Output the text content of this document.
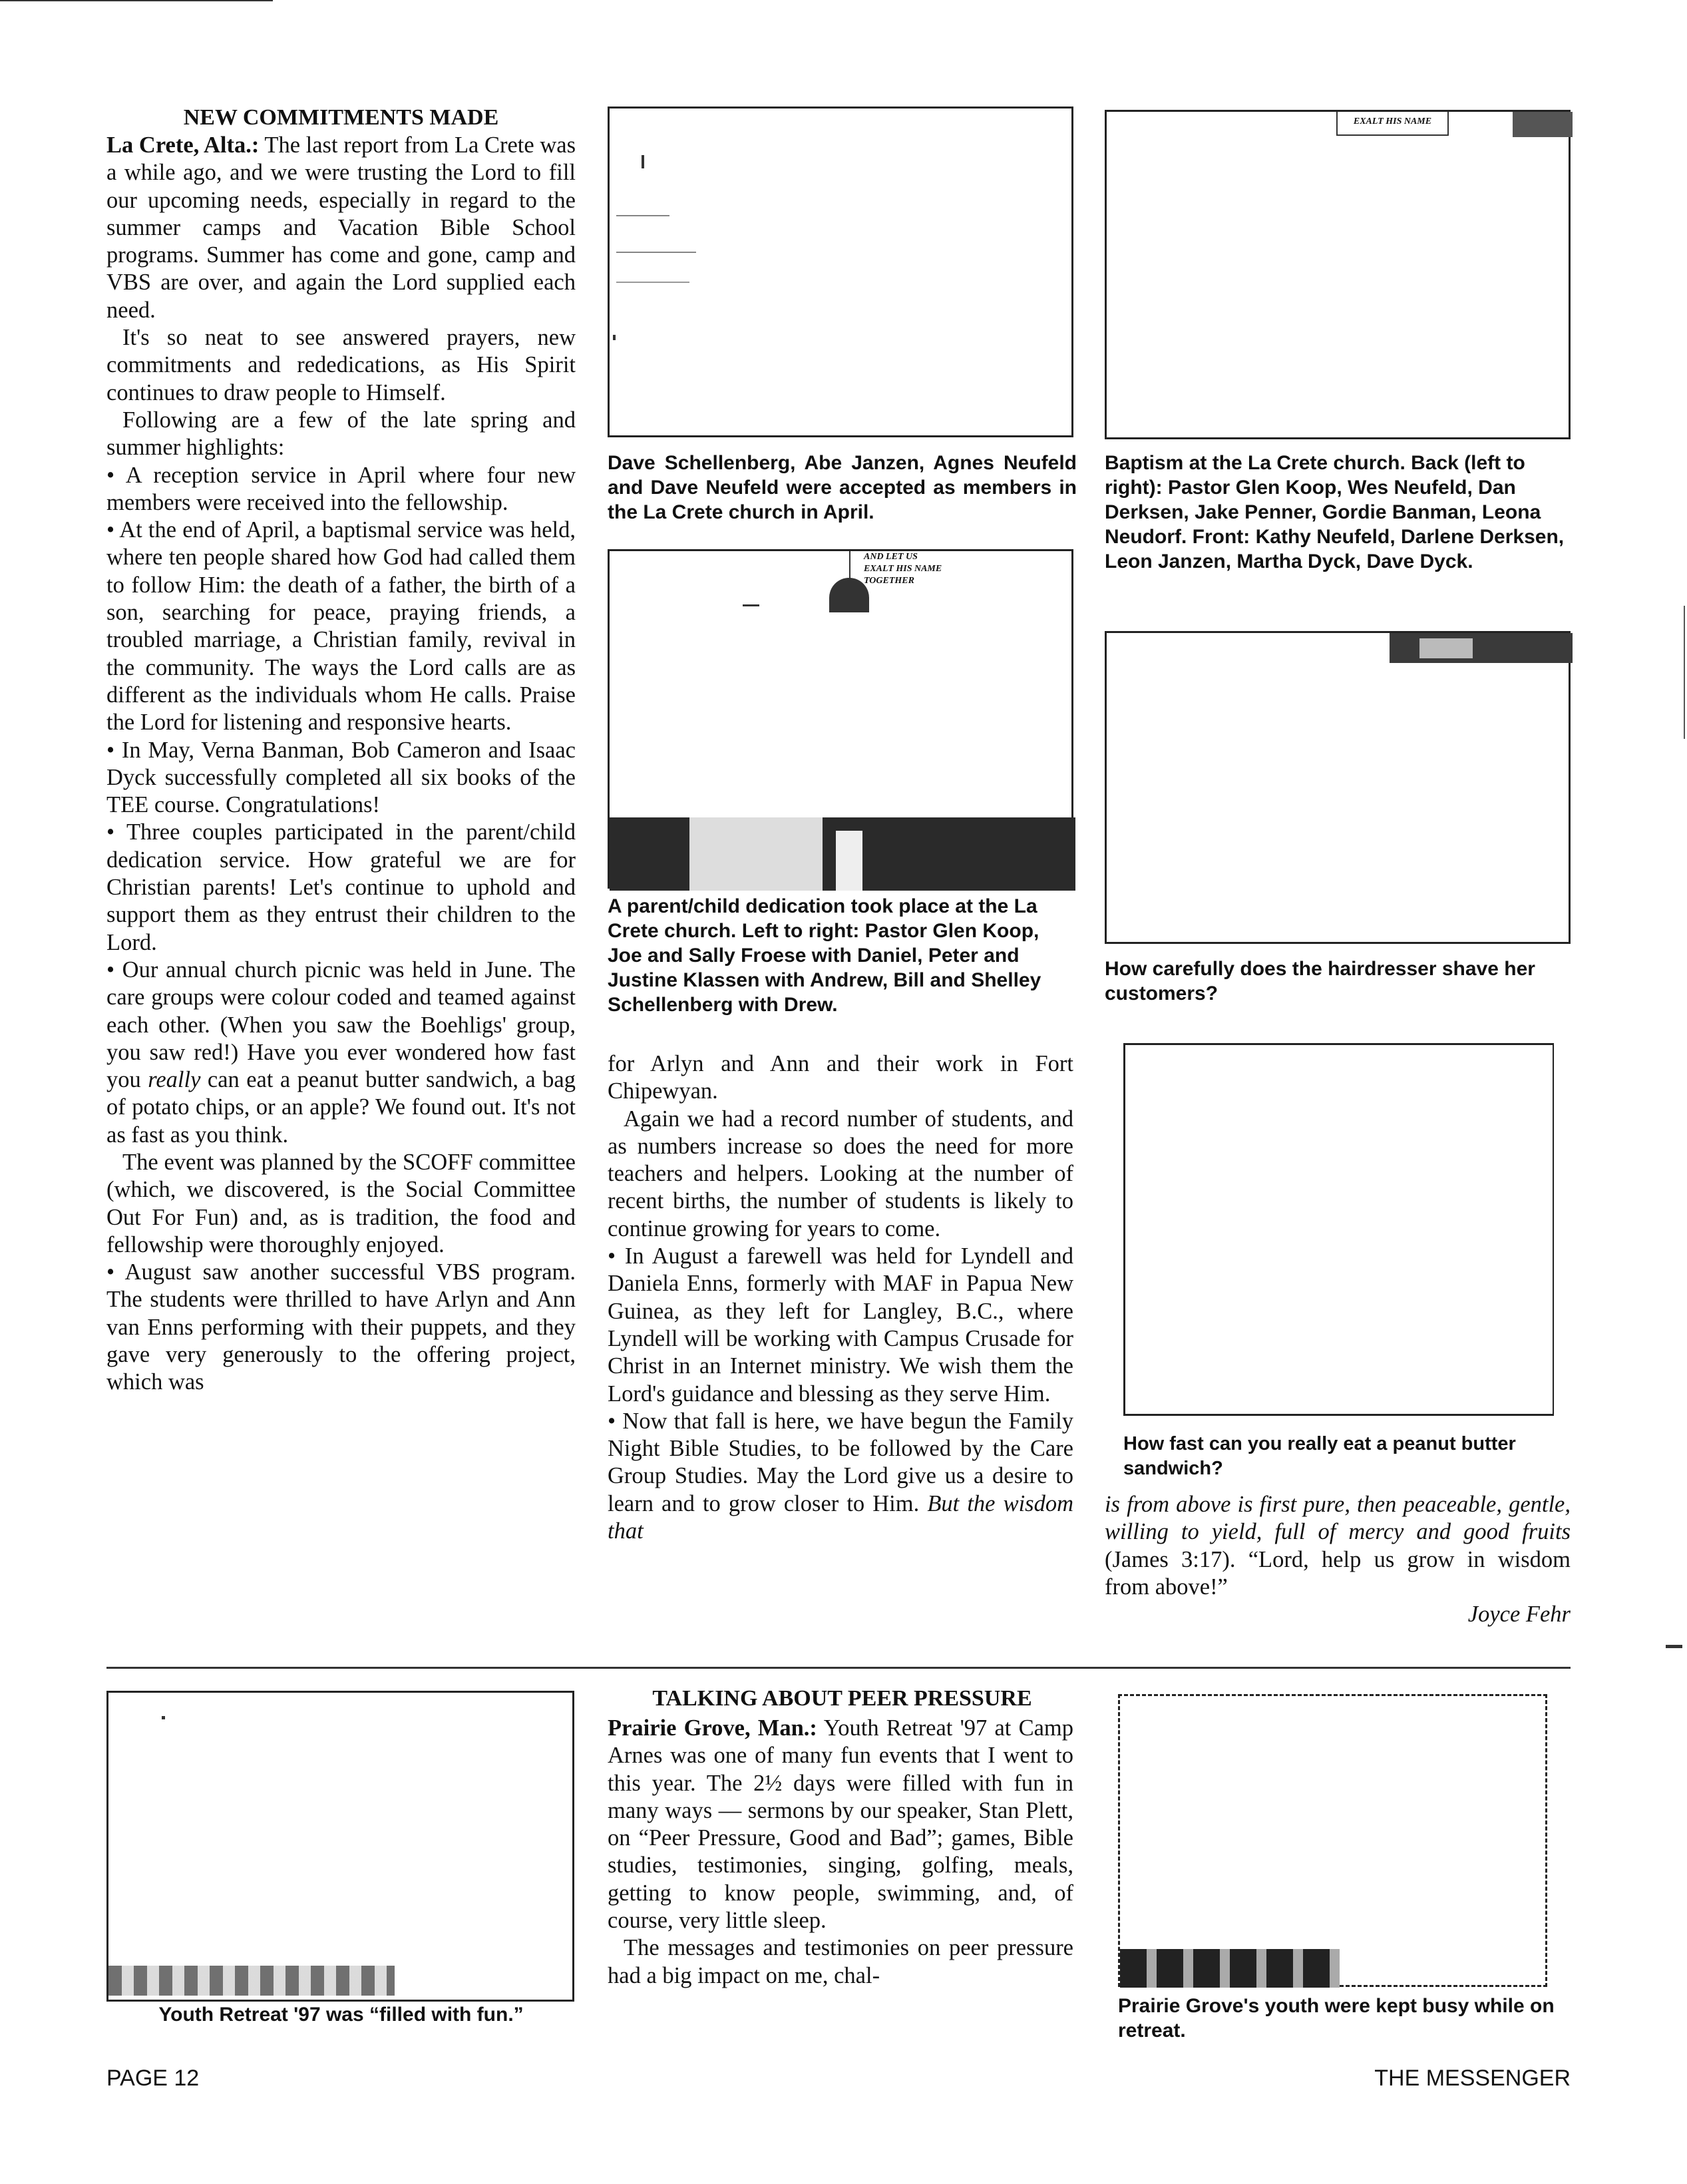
NEW COMMITMENTS MADE

La Crete, Alta.: The last report from La Crete was a while ago, and we were trusting the Lord to fill our upcoming needs, especially in regard to the summer camps and Vacation Bible School programs. Summer has come and gone, camp and VBS are over, and again the Lord supplied each need.

It's so neat to see answered prayers, new commitments and rededications, as His Spirit continues to draw people to Himself.

Following are a few of the late spring and summer highlights:

• A reception service in April where four new members were received into the fellowship.

• At the end of April, a baptismal service was held, where ten people shared how God had called them to follow Him: the death of a father, the birth of a son, searching for peace, praying friends, a troubled marriage, a Christian family, revival in the community. The ways the Lord calls are as different as the individuals whom He calls. Praise the Lord for listening and responsive hearts.

• In May, Verna Banman, Bob Cameron and Isaac Dyck successfully completed all six books of the TEE course. Congratulations!

• Three couples participated in the parent/child dedication service. How grateful we are for Christian parents! Let's continue to uphold and support them as they entrust their children to the Lord.

• Our annual church picnic was held in June. The care groups were colour coded and teamed against each other. (When you saw the Boehligs' group, you saw red!) Have you ever wondered how fast you really can eat a peanut butter sandwich, a bag of potato chips, or an apple? We found out. It's not as fast as you think.

The event was planned by the SCOFF committee (which, we discovered, is the Social Committee Out For Fun) and, as is tradition, the food and fellowship were thoroughly enjoyed.

• August saw another successful VBS program. The students were thrilled to have Arlyn and Ann van Enns performing with their puppets, and they gave very generously to the offering project, which was

Dave Schellenberg, Abe Janzen, Agnes Neufeld and Dave Neufeld were accepted as members in the La Crete church in April.
AND LET US
EXALT HIS NAME
TOGETHER
A parent/child dedication took place at the La Crete church. Left to right: Pastor Glen Koop, Joe and Sally Froese with Daniel, Peter and Justine Klassen with Andrew, Bill and Shelley Schellenberg with Drew.

for Arlyn and Ann and their work in Fort Chipewyan.

Again we had a record number of students, and as numbers increase so does the need for more teachers and helpers. Looking at the number of recent births, the number of students is likely to continue growing for years to come.

• In August a farewell was held for Lyndell and Daniela Enns, formerly with MAF in Papua New Guinea, as they left for Langley, B.C., where Lyndell will be working with Campus Crusade for Christ in an Internet ministry. We wish them the Lord's guidance and blessing as they serve Him.

• Now that fall is here, we have begun the Family Night Bible Studies, to be followed by the Care Group Studies. May the Lord give us a desire to learn and to grow closer to Him. But the wisdom that

EXALT HIS NAME
Baptism at the La Crete church. Back (left to right): Pastor Glen Koop, Wes Neufeld, Dan Derksen, Jake Penner, Gordie Banman, Leona Neudorf. Front: Kathy Neufeld, Darlene Derksen, Leon Janzen, Martha Dyck, Dave Dyck.
How carefully does the hairdresser shave her customers?
How fast can you really eat a peanut butter sandwich?

is from above is first pure, then peaceable, gentle, willing to yield, full of mercy and good fruits (James 3:17). “Lord, help us grow in wisdom from above!”

Joyce Fehr

Youth Retreat '97 was “filled with fun.”
TALKING ABOUT PEER PRESSURE

Prairie Grove, Man.: Youth Retreat '97 at Camp Arnes was one of many fun events that I went to this year. The 2½ days were filled with fun in many ways — sermons by our speaker, Stan Plett, on “Peer Pressure, Good and Bad”; games, Bible studies, testimonies, singing, golfing, meals, getting to know people, swimming, and, of course, very little sleep.

The messages and testimonies on peer pressure had a big impact on me, chal-

Prairie Grove's youth were kept busy while on retreat.
PAGE 12	THE MESSENGER
